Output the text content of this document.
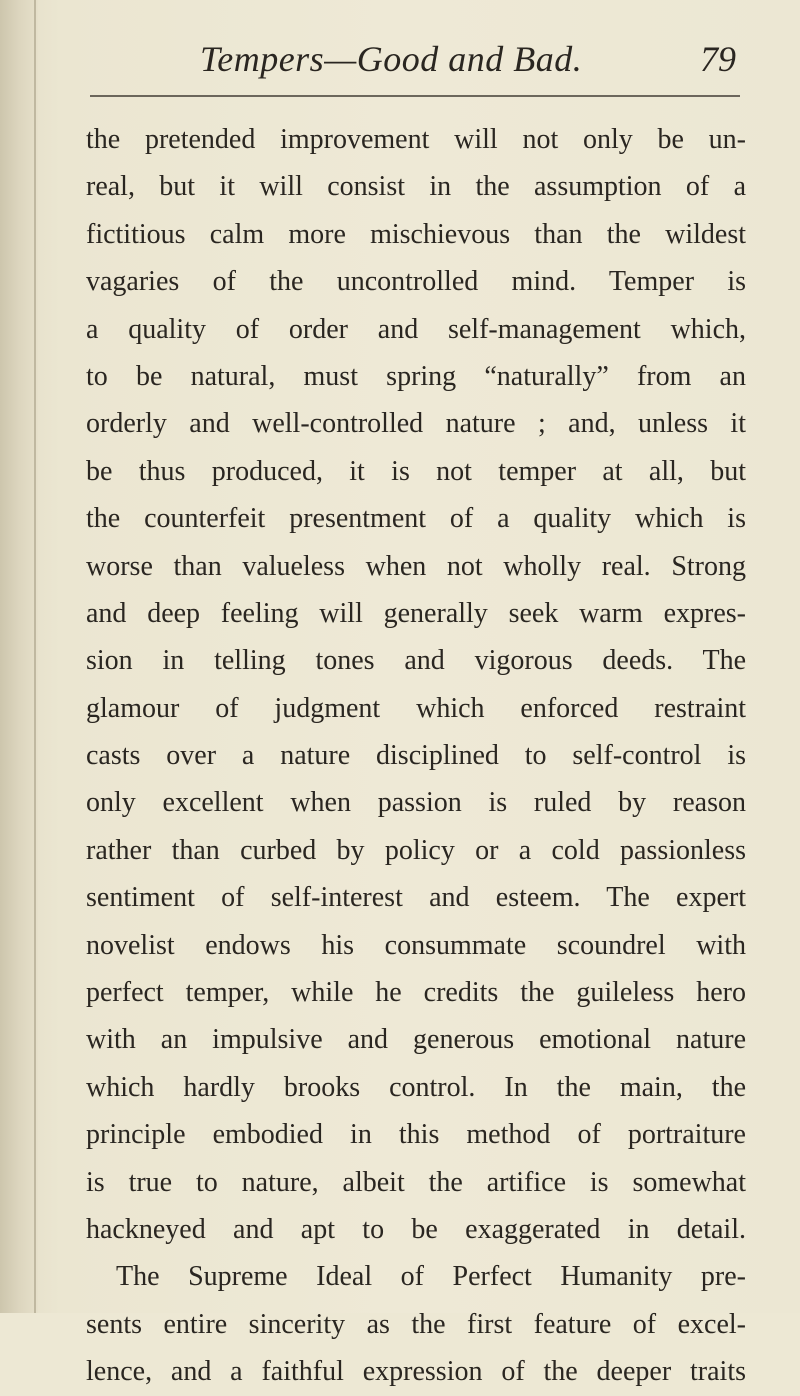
Tempers—Good and Bad.	79
the pretended improvement will not only be un-
real, but it will consist in the assumption of a
fictitious calm more mischievous than the wildest
vagaries of the uncontrolled mind. Temper is
a quality of order and self-management which,
to be natural, must spring “naturally” from an
orderly and well-controlled nature ; and, unless it
be thus produced, it is not temper at all, but
the counterfeit presentment of a quality which is
worse than valueless when not wholly real. Strong
and deep feeling will generally seek warm expres-
sion in telling tones and vigorous deeds. The
glamour of judgment which enforced restraint
casts over a nature disciplined to self-control is
only excellent when passion is ruled by reason
rather than curbed by policy or a cold passionless
sentiment of self-interest and esteem. The expert
novelist endows his consummate scoundrel with
perfect temper, while he credits the guileless hero
with an impulsive and generous emotional nature
which hardly brooks control. In the main, the
principle embodied in this method of portraiture
is true to nature, albeit the artifice is somewhat
hackneyed and apt to be exaggerated in detail.
The Supreme Ideal of Perfect Humanity pre-
sents entire sincerity as the first feature of excel-
lence, and a faithful expression of the deeper traits
